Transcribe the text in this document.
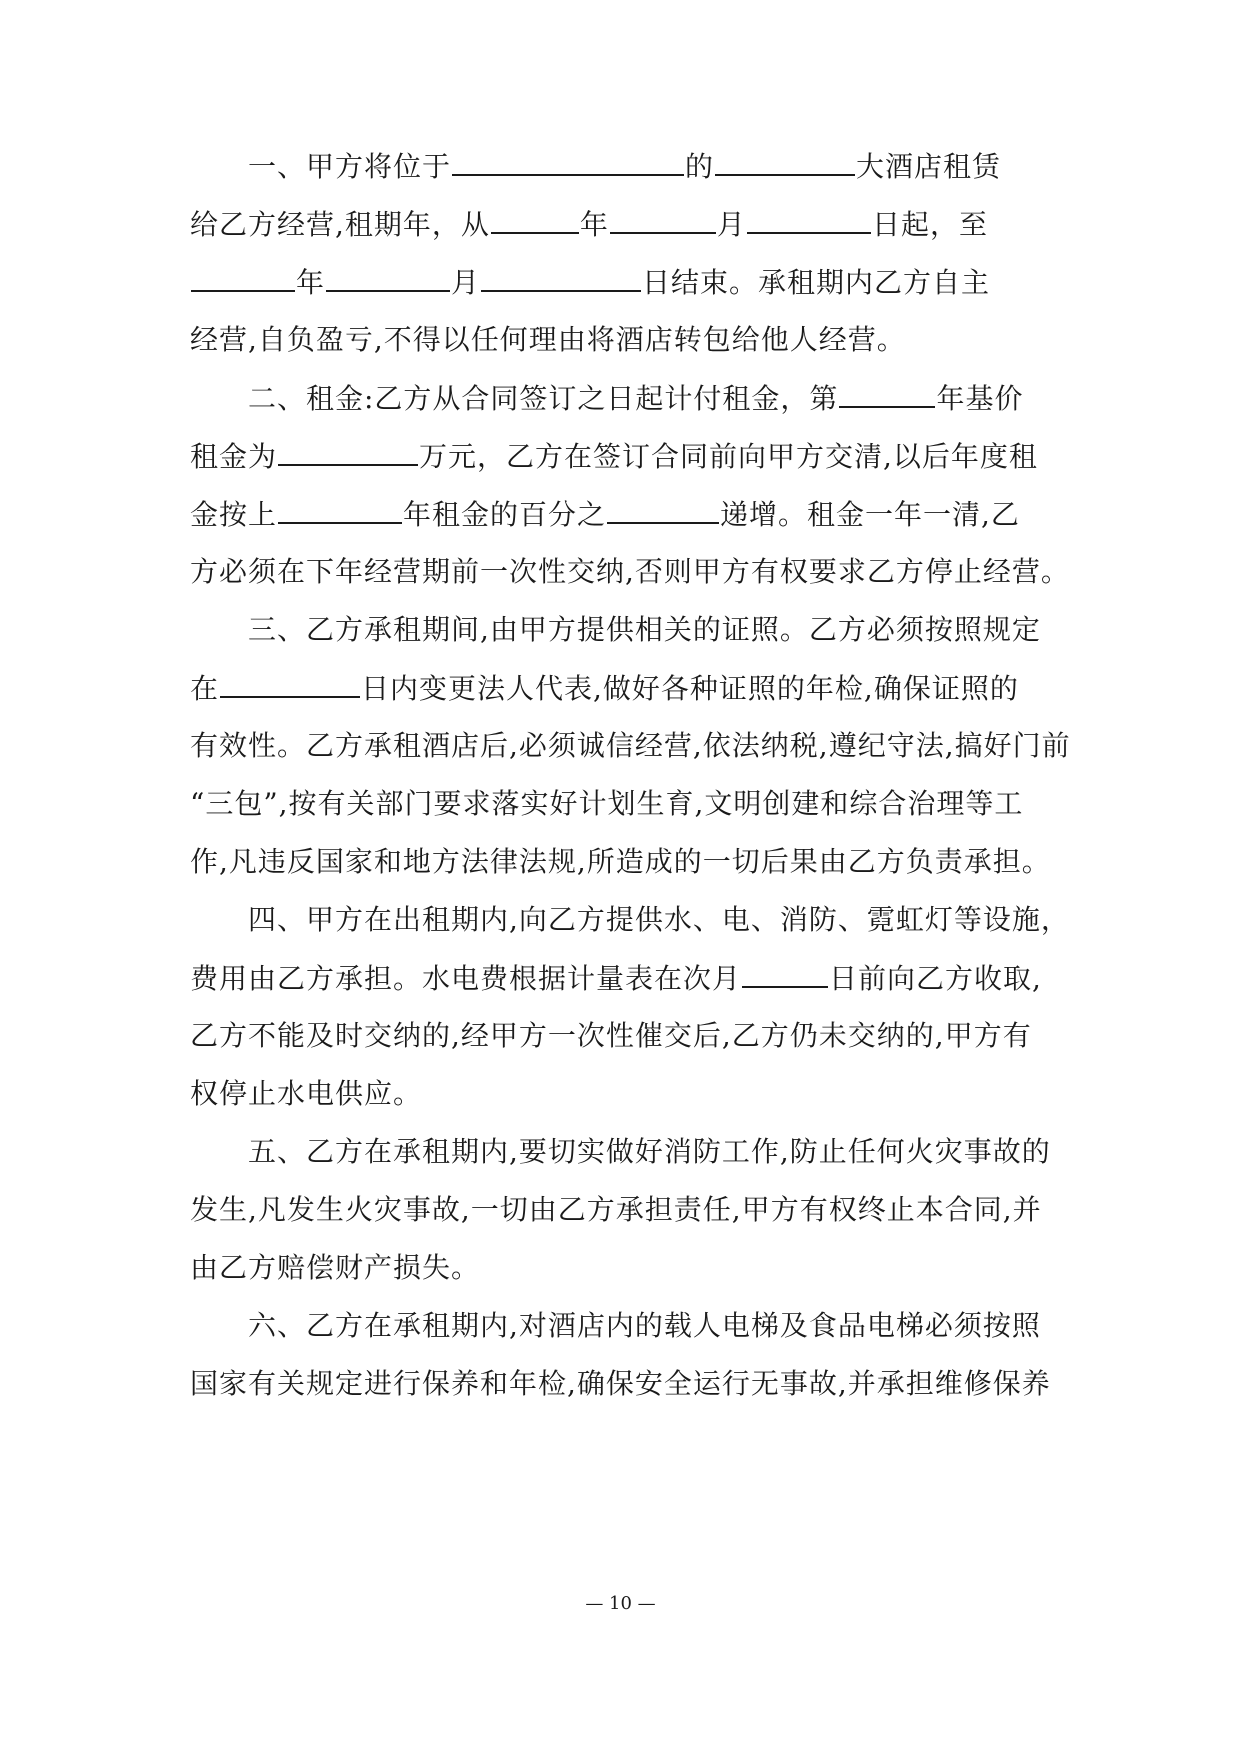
一、甲方将位于	的	大酒店租赁
给乙方经营,租期年，从	年	月	日起，至
年	月	日结束。承租期内乙方自主
经营,自负盈亏,不得以任何理由将酒店转包给他人经营。
二、租金:乙方从合同签订之日起计付租金，第	年基价
租金为	万元，乙方在签订合同前向甲方交清,以后年度租
金按上	年租金的百分之	递增。租金一年一清,乙
方必须在下年经营期前一次性交纳,否则甲方有权要求乙方停止经营。
三、乙方承租期间,由甲方提供相关的证照。乙方必须按照规定
在	日内变更法人代表,做好各种证照的年检,确保证照的
有效性。乙方承租酒店后,必须诚信经营,依法纳税,遵纪守法,搞好门前
“三包”,按有关部门要求落实好计划生育,文明创建和综合治理等工
作,凡违反国家和地方法律法规,所造成的一切后果由乙方负责承担。
四、甲方在出租期内,向乙方提供水、电、消防、霓虹灯等设施，
费用由乙方承担。水电费根据计量表在次月	日前向乙方收取,
乙方不能及时交纳的,经甲方一次性催交后,乙方仍未交纳的,甲方有
权停止水电供应。
五、乙方在承租期内,要切实做好消防工作,防止任何火灾事故的
发生,凡发生火灾事故,一切由乙方承担责任,甲方有权终止本合同,并
由乙方赔偿财产损失。
六、乙方在承租期内,对酒店内的载人电梯及食品电梯必须按照
国家有关规定进行保养和年检,确保安全运行无事故,并承担维修保养
— 10 —
